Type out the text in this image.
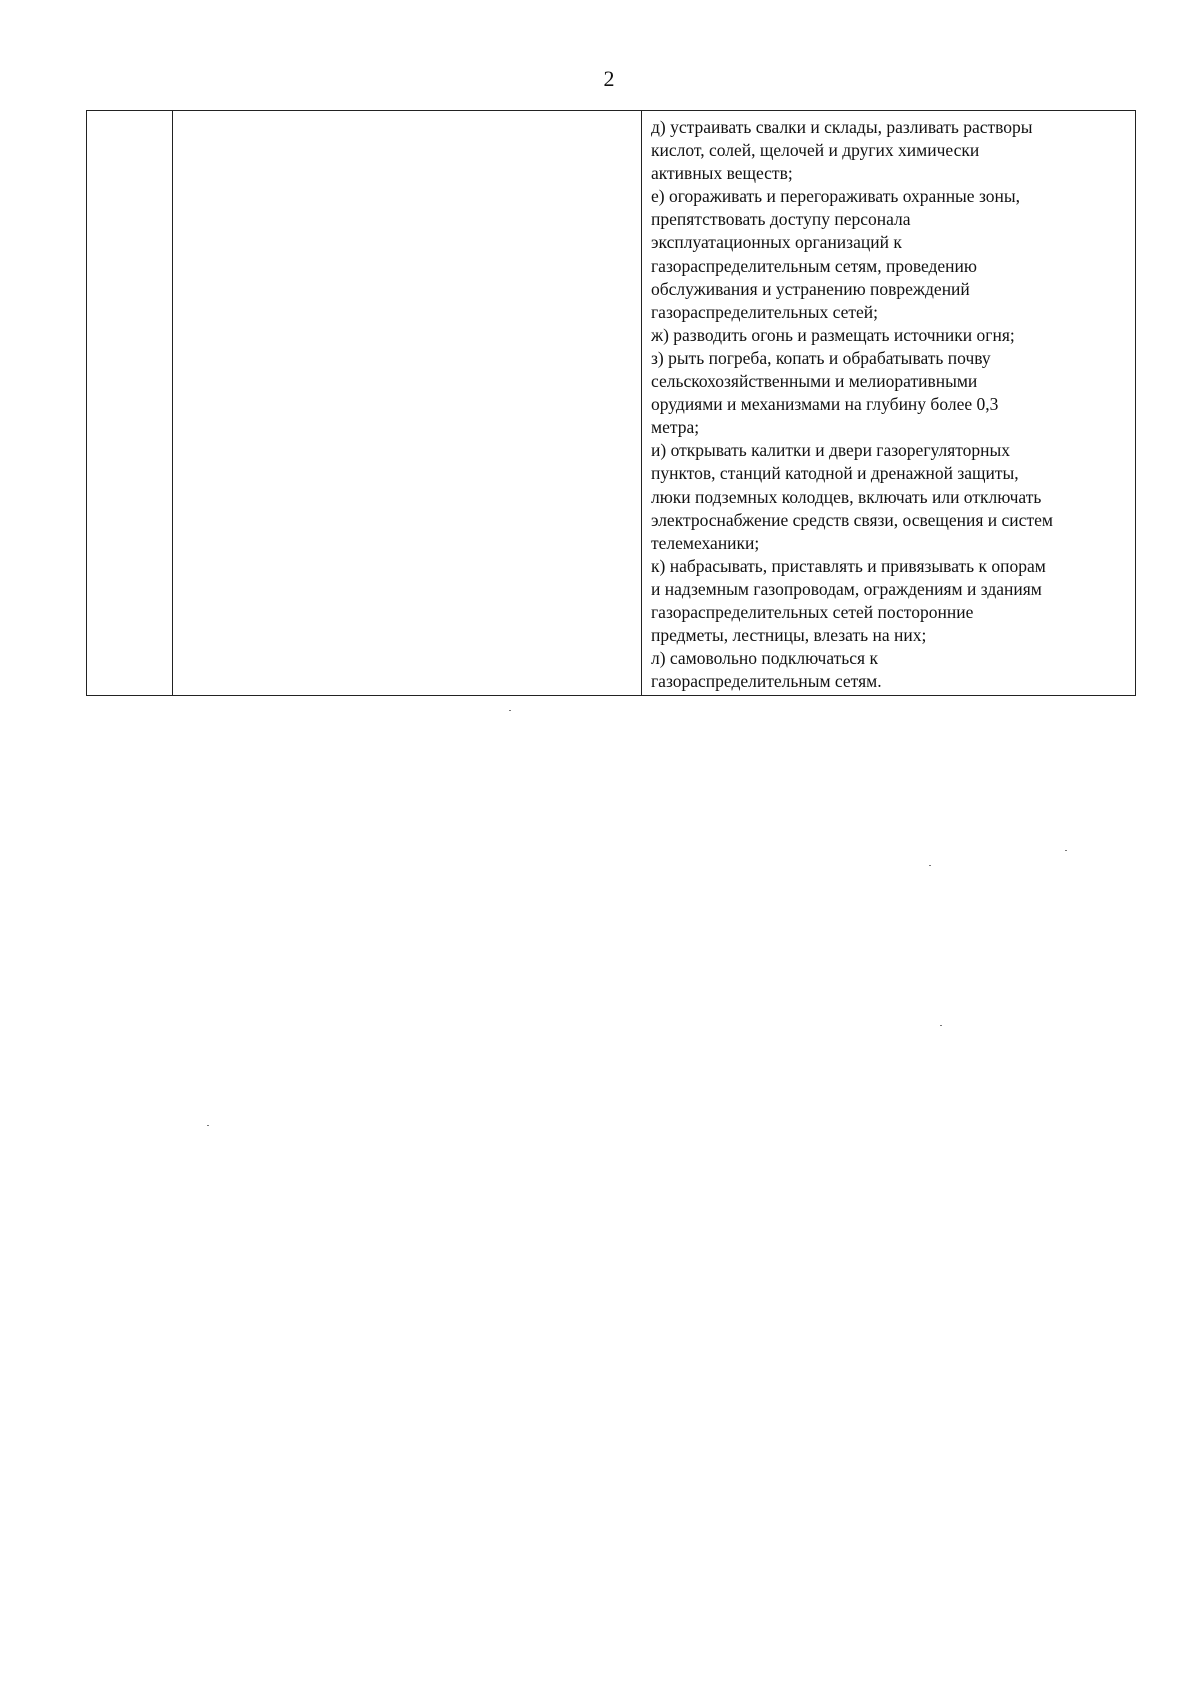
2

д) устраивать свалки и склады, разливать растворы
кислот, солей, щелочей и других химически
активных веществ;
е) огораживать и перегораживать охранные зоны,
препятствовать доступу персонала
эксплуатационных организаций к
газораспределительным сетям, проведению
обслуживания и устранению повреждений
газораспределительных сетей;
ж) разводить огонь и размещать источники огня;
з) рыть погреба, копать и обрабатывать почву
сельскохозяйственными и мелиоративными
орудиями и механизмами на глубину более 0,3
метра;
и) открывать калитки и двери газорегуляторных
пунктов, станций катодной и дренажной защиты,
люки подземных колодцев, включать или отключать
электроснабжение средств связи, освещения и систем
телемеханики;
к) набрасывать, приставлять и привязывать к опорам
и надземным газопроводам, ограждениям и зданиям
газораспределительных сетей посторонние
предметы, лестницы, влезать на них;
л) самовольно подключаться к
газораспределительным сетям.
